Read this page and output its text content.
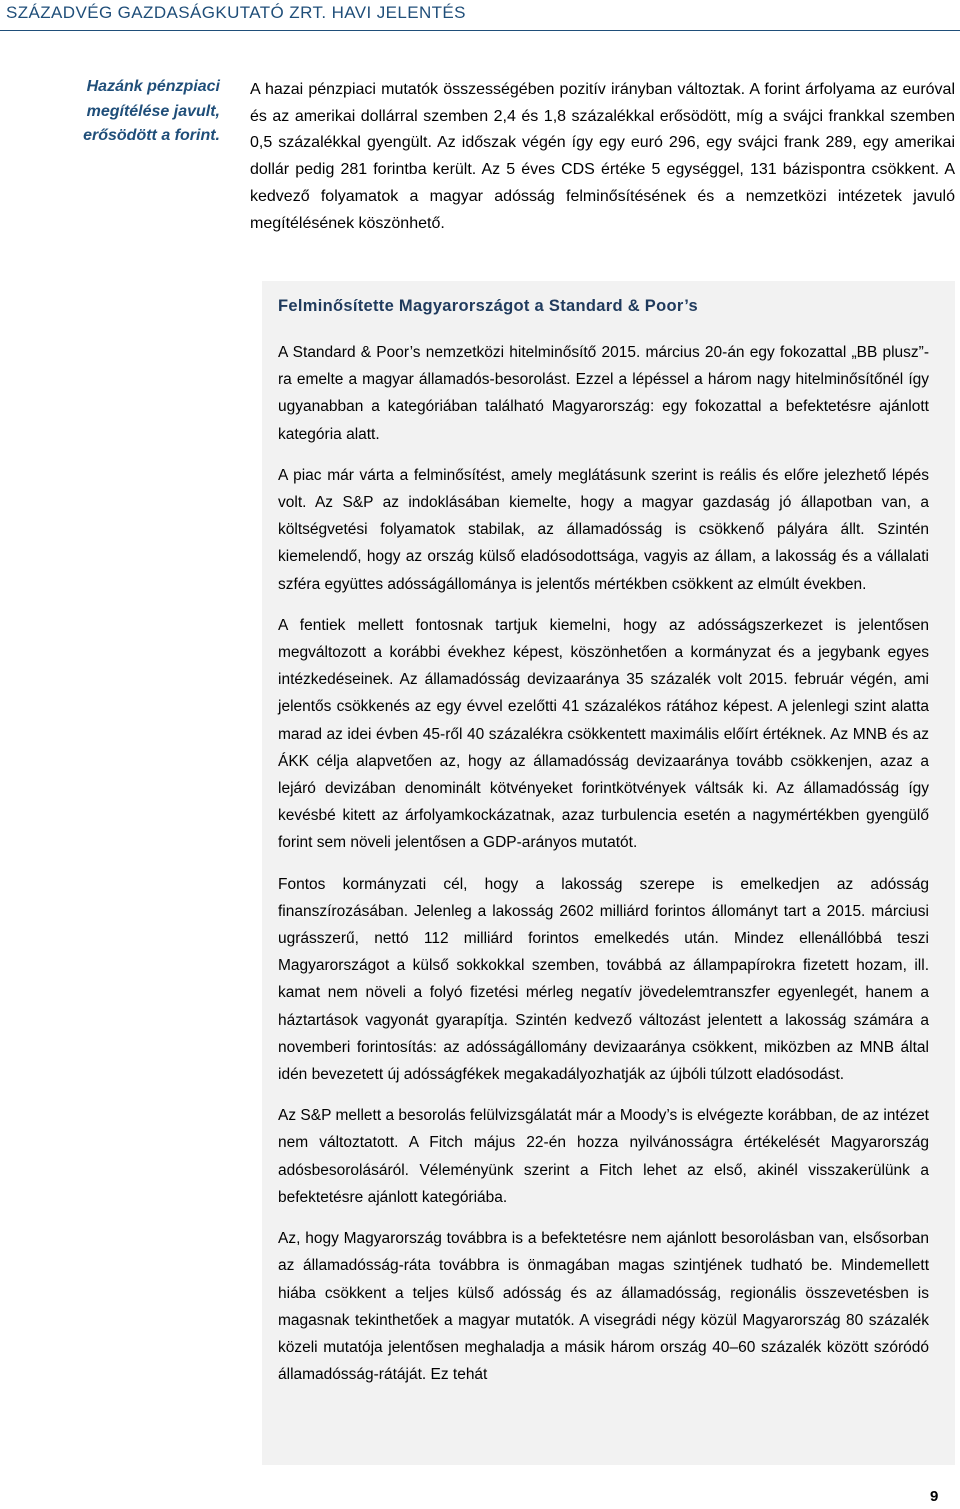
SZÁZADVÉG GAZDASÁGKUTATÓ ZRT. HAVI JELENTÉS
Hazánk pénzpiaci
megítélése javult,
erősödött a forint.
A hazai pénzpiaci mutatók összességében pozitív irányban változtak. A forint árfolyama az euróval és az amerikai dollárral szemben 2,4 és 1,8 százalékkal erősödött, míg a svájci frankkal szemben 0,5 százalékkal gyengült. Az időszak végén így egy euró 296, egy svájci frank 289, egy amerikai dollár pedig 281 forintba került. Az 5 éves CDS értéke 5 egységgel, 131 bázispontra csökkent. A kedvező folyamatok a magyar adósság felminősítésének és a nemzetközi intézetek javuló megítélésének köszönhető.
Felminősítette Magyarországot a Standard & Poor’s

A Standard & Poor’s nemzetközi hitelminősítő 2015. március 20-án egy fokozattal „BB plusz”-ra emelte a magyar államadós-besorolást. Ezzel a lépéssel a három nagy hitelminősítőnél így ugyanabban a kategóriában található Magyarország: egy fokozattal a befektetésre ajánlott kategória alatt.

A piac már várta a felminősítést, amely meglátásunk szerint is reális és előre jelezhető lépés volt. Az S&P az indoklásában kiemelte, hogy a magyar gazdaság jó állapotban van, a költségvetési folyamatok stabilak, az államadósság is csökkenő pályára állt. Szintén kiemelendő, hogy az ország külső eladósodottsága, vagyis az állam, a lakosság és a vállalati szféra együttes adósságállománya is jelentős mértékben csökkent az elmúlt években.

A fentiek mellett fontosnak tartjuk kiemelni, hogy az adósságszerkezet is jelentősen megváltozott a korábbi évekhez képest, köszönhetően a kormányzat és a jegybank egyes intézkedéseinek. Az államadósság devizaaránya 35 százalék volt 2015. február végén, ami jelentős csökkenés az egy évvel ezelőtti 41 százalékos rátához képest. A jelenlegi szint alatta marad az idei évben 45-ről 40 százalékra csökkentett maximális előírt értéknek. Az MNB és az ÁKK célja alapvetően az, hogy az államadósság devizaaránya tovább csökkenjen, azaz a lejáró devizában denominált kötvényeket forintkötvények váltsák ki. Az államadósság így kevésbé kitett az árfolyamkockázatnak, azaz turbulencia esetén a nagymértékben gyengülő forint sem növeli jelentősen a GDP-arányos mutatót.

Fontos kormányzati cél, hogy a lakosság szerepe is emelkedjen az adósság finanszírozásában. Jelenleg a lakosság 2602 milliárd forintos állományt tart a 2015. márciusi ugrásszerű, nettó 112 milliárd forintos emelkedés után. Mindez ellenállóbbá teszi Magyarországot a külső sokkokkal szemben, továbbá az állampapírokra fizetett hozam, ill. kamat nem növeli a folyó fizetési mérleg negatív jövedelemtranszfer egyenlegét, hanem a háztartások vagyonát gyarapítja. Szintén kedvező változást jelentett a lakosság számára a novemberi forintosítás: az adósságállomány devizaaránya csökkent, miközben az MNB által idén bevezetett új adósságfékek megakadályozhatják az újbóli túlzott eladósodást.

Az S&P mellett a besorolás felülvizsgálatát már a Moody’s is elvégezte korábban, de az intézet nem változtatott. A Fitch május 22-én hozza nyilvánosságra értékelését Magyarország adósbesorolásáról. Véleményünk szerint a Fitch lehet az első, akinél visszakerülünk a befektetésre ajánlott kategóriába.

Az, hogy Magyarország továbbra is a befektetésre nem ajánlott besorolásban van, elsősorban az államadósság-ráta továbbra is önmagában magas szintjének tudható be. Mindemellett hiába csökkent a teljes külső adósság és az államadósság, regionális összevetésben is magasnak tekinthetőek a magyar mutatók. A visegrádi négy közül Magyarország 80 százalék közeli mutatója jelentősen meghaladja a másik három ország 40–60 százalék között szóródó államadósság-rátáját. Ez tehát

9
